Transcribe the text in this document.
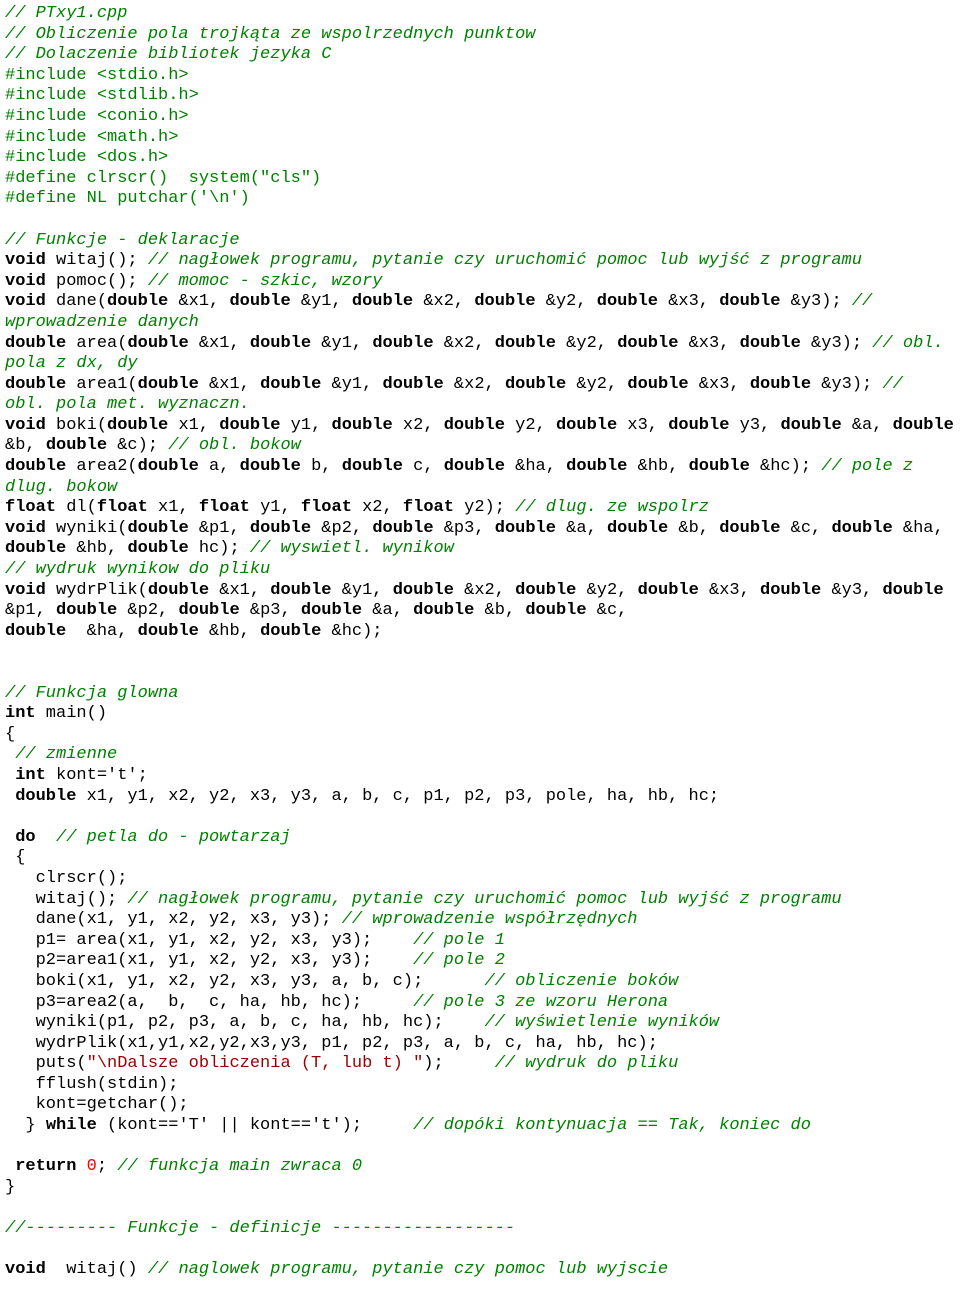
// PTxy1.cpp
// Obliczenie pola trojkąta ze wspolrzednych punktow
// Dolaczenie bibliotek jezyka C
#include <stdio.h>
#include <stdlib.h>
#include <conio.h>
#include <math.h>
#include <dos.h>
#define clrscr()  system("cls")
#define NL putchar('\n')
// Funkcje - deklaracje
void witaj(); // nagłowek programu, pytanie czy uruchomić pomoc lub wyjść z programu
void pomoc(); // momoc - szkic, wzory
void dane(double &x1, double &y1, double &x2, double &y2, double &x3, double &y3); //
wprowadzenie danych
double area(double &x1, double &y1, double &x2, double &y2, double &x3, double &y3); // obl.
pola z dx, dy
double area1(double &x1, double &y1, double &x2, double &y2, double &x3, double &y3); //
obl. pola met. wyznaczn.
void boki(double x1, double y1, double x2, double y2, double x3, double y3, double &a, double
&b, double &c); // obl. bokow
double area2(double a, double b, double c, double &ha, double &hb, double &hc); // pole z
dlug. bokow
float dl(float x1, float y1, float x2, float y2); // dlug. ze wspolrz
void wyniki(double &p1, double &p2, double &p3, double &a, double &b, double &c, double &ha,
double &hb, double hc); // wyswietl. wynikow
// wydruk wynikow do pliku
void wydrPlik(double &x1, double &y1, double &x2, double &y2, double &x3, double &y3, double
&p1, double &p2, double &p3, double &a, double &b, double &c,
double  &ha, double &hb, double &hc);
// Funkcja glowna
int main()
{
// zmienne
int kont='t';
double x1, y1, x2, y2, x3, y3, a, b, c, p1, p2, p3, pole, ha, hb, hc;
do // petla do - powtarzaj
{
clrscr();
witaj(); // nagłowek programu, pytanie czy uruchomić pomoc lub wyjść z programu
dane(x1, y1, x2, y2, x3, y3); // wprowadzenie współrzędnych
p1= area(x1, y1, x2, y2, x3, y3);    // pole 1
p2=area1(x1, y1, x2, y2, x3, y3);    // pole 2
boki(x1, y1, x2, y2, x3, y3, a, b, c);      // obliczenie boków
p3=area2(a,  b,  c, ha, hb, hc);     // pole 3 ze wzoru Herona
wyniki(p1, p2, p3, a, b, c, ha, hb, hc);    // wyświetlenie wyników
wydrPlik(x1,y1,x2,y2,x3,y3, p1, p2, p3, a, b, c, ha, hb, hc);
puts("\nDalsze obliczenia (T, lub t) ");     // wydruk do pliku
fflush(stdin);
kont=getchar();
} while (kont=='T' || kont=='t');     // dopóki kontynuacja == Tak, koniec do
return 0; // funkcja main zwraca 0
}
//--------- Funkcje - definicje ------------------
void  witaj() // naglowek programu, pytanie czy pomoc lub wyjscie
